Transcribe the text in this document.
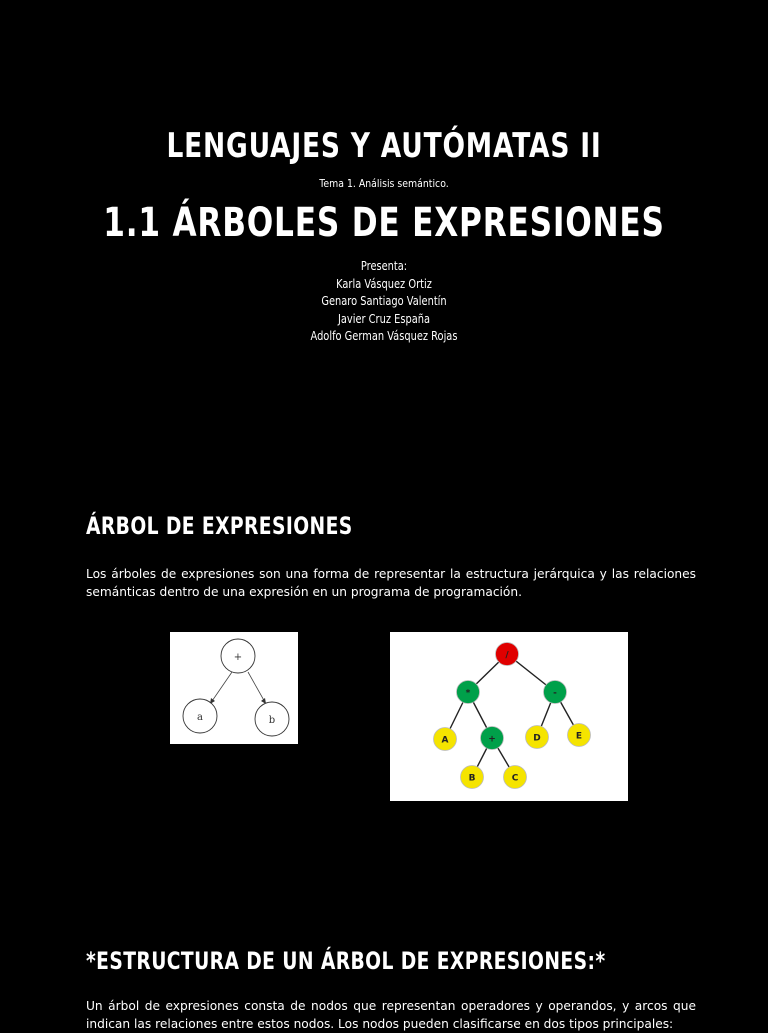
LENGUAJES Y AUTÓMATAS II
Tema 1. Análisis semántico.
1.1 ÁRBOLES DE EXPRESIONES
Presenta:
Karla Vásquez Ortiz
Genaro Santiago Valentín
Javier Cruz España
Adolfo German Vásquez Rojas
ÁRBOL DE EXPRESIONES
Los árboles de expresiones son una forma de representar la estructura jerárquica y las relaciones semánticas dentro de una expresión en un programa de programación.
+
a	b
/
*	-
A	+	D	E
B	C
*ESTRUCTURA DE UN ÁRBOL DE EXPRESIONES:*
Un árbol de expresiones consta de nodos que representan operadores y operandos, y arcos que indican las relaciones entre estos nodos. Los nodos pueden clasificarse en dos tipos principales:
